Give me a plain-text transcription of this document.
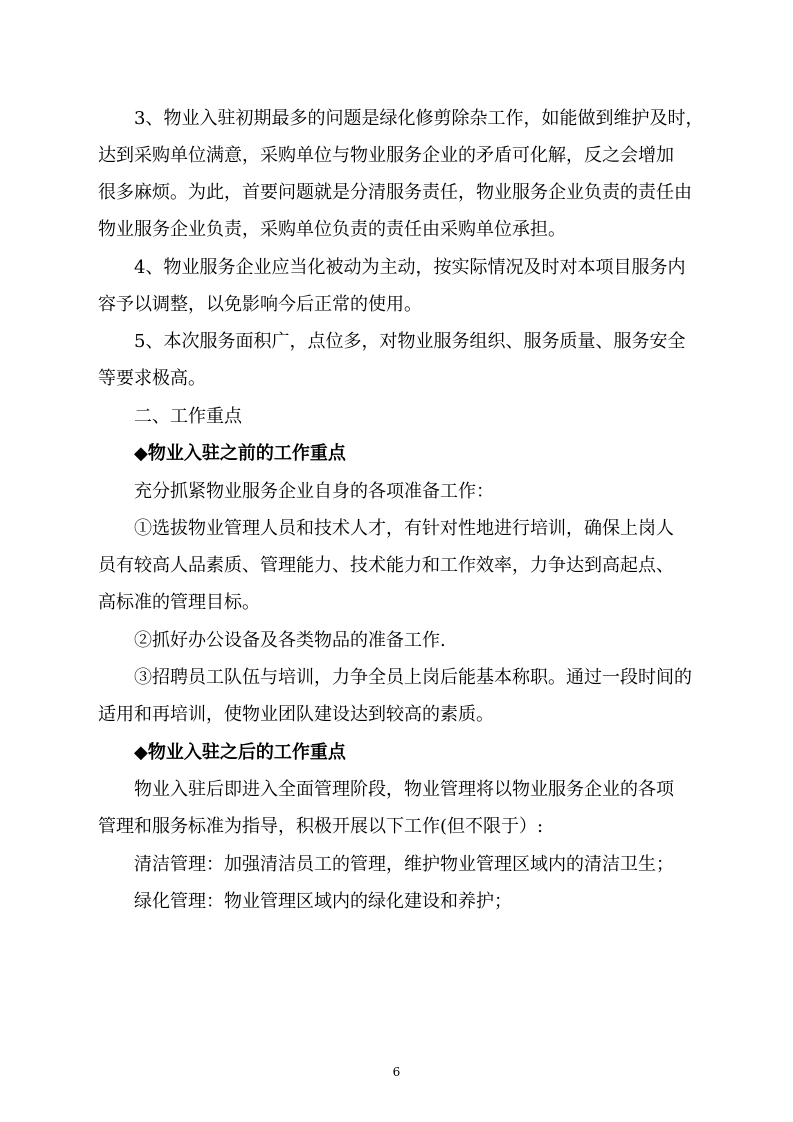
3、物业入驻初期最多的问题是绿化修剪除杂工作，如能做到维护及时，

达到采购单位满意，采购单位与物业服务企业的矛盾可化解，反之会增加

很多麻烦。为此，首要问题就是分清服务责任，物业服务企业负责的责任由

物业服务企业负责，采购单位负责的责任由采购单位承担。

4、物业服务企业应当化被动为主动，按实际情况及时对本项目服务内

容予以调整，以免影响今后正常的使用。

5、本次服务面积广，点位多，对物业服务组织、服务质量、服务安全

等要求极高。

二、工作重点

◆物业入驻之前的工作重点

充分抓紧物业服务企业自身的各项准备工作：

①选拔物业管理人员和技术人才，有针对性地进行培训，确保上岗人

员有较高人品素质、管理能力、技术能力和工作效率，力争达到高起点、

高标准的管理目标。

②抓好办公设备及各类物品的准备工作.

③招聘员工队伍与培训，力争全员上岗后能基本称职。通过一段时间的

适用和再培训，使物业团队建设达到较高的素质。

◆物业入驻之后的工作重点

物业入驻后即进入全面管理阶段，物业管理将以物业服务企业的各项

管理和服务标准为指导，积极开展以下工作(但不限于）:

清洁管理：加强清洁员工的管理，维护物业管理区域内的清洁卫生；

绿化管理：物业管理区域内的绿化建设和养护；

6
